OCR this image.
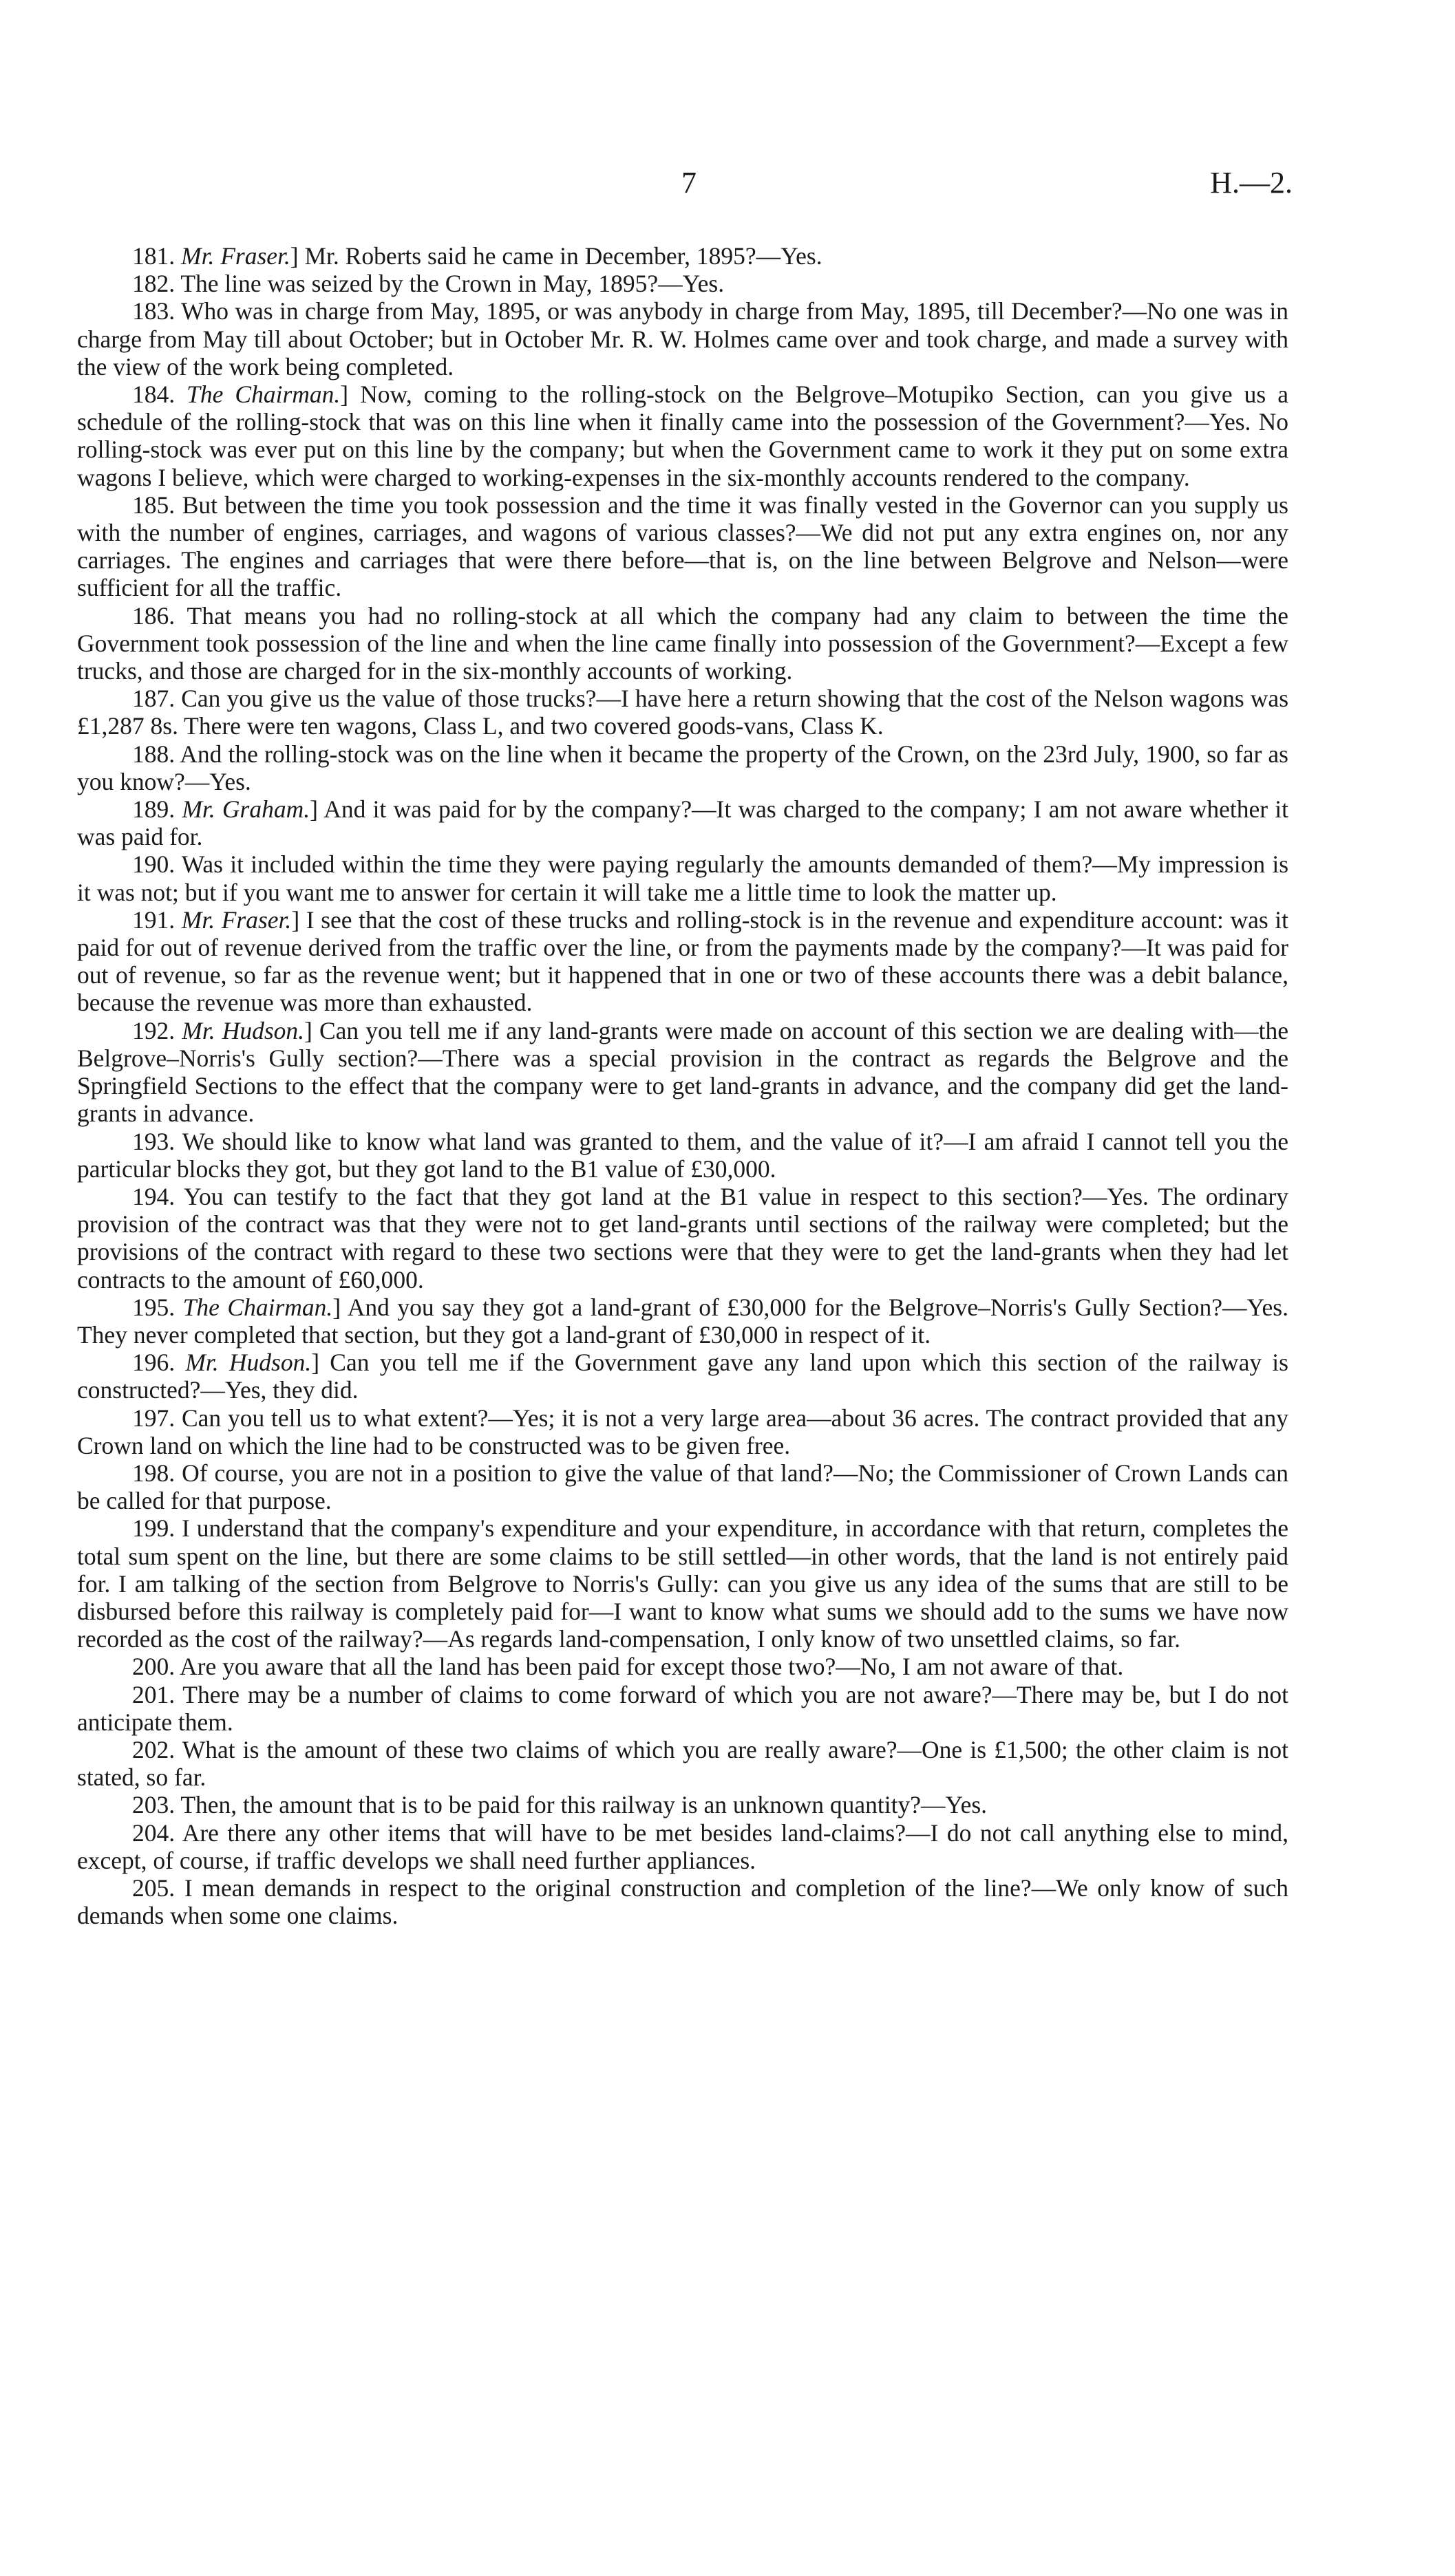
7	H.—2.

181. Mr. Fraser.] Mr. Roberts said he came in December, 1895?—Yes.

182. The line was seized by the Crown in May, 1895?—Yes.

183. Who was in charge from May, 1895, or was anybody in charge from May, 1895, till December?—No one was in charge from May till about October; but in October Mr. R. W. Holmes came over and took charge, and made a survey with the view of the work being completed.

184. The Chairman.] Now, coming to the rolling-stock on the Belgrove–Motupiko Section, can you give us a schedule of the rolling-stock that was on this line when it finally came into the possession of the Government?—Yes. No rolling-stock was ever put on this line by the company; but when the Government came to work it they put on some extra wagons I believe, which were charged to working-expenses in the six-monthly accounts rendered to the company.

185. But between the time you took possession and the time it was finally vested in the Governor can you supply us with the number of engines, carriages, and wagons of various classes?—We did not put any extra engines on, nor any carriages. The engines and carriages that were there before—that is, on the line between Belgrove and Nelson—were sufficient for all the traffic.

186. That means you had no rolling-stock at all which the company had any claim to between the time the Government took possession of the line and when the line came finally into possession of the Government?—Except a few trucks, and those are charged for in the six-monthly accounts of working.

187. Can you give us the value of those trucks?—I have here a return showing that the cost of the Nelson wagons was £1,287 8s. There were ten wagons, Class L, and two covered goods-vans, Class K.

188. And the rolling-stock was on the line when it became the property of the Crown, on the 23rd July, 1900, so far as you know?—Yes.

189. Mr. Graham.] And it was paid for by the company?—It was charged to the company; I am not aware whether it was paid for.

190. Was it included within the time they were paying regularly the amounts demanded of them?—My impression is it was not; but if you want me to answer for certain it will take me a little time to look the matter up.

191. Mr. Fraser.] I see that the cost of these trucks and rolling-stock is in the revenue and expenditure account: was it paid for out of revenue derived from the traffic over the line, or from the payments made by the company?—It was paid for out of revenue, so far as the revenue went; but it happened that in one or two of these accounts there was a debit balance, because the revenue was more than exhausted.

192. Mr. Hudson.] Can you tell me if any land-grants were made on account of this section we are dealing with—the Belgrove–Norris's Gully section?—There was a special provision in the contract as regards the Belgrove and the Springfield Sections to the effect that the company were to get land-grants in advance, and the company did get the land-grants in advance.

193. We should like to know what land was granted to them, and the value of it?—I am afraid I cannot tell you the particular blocks they got, but they got land to the B1 value of £30,000.

194. You can testify to the fact that they got land at the B1 value in respect to this section?—Yes. The ordinary provision of the contract was that they were not to get land-grants until sections of the railway were completed; but the provisions of the contract with regard to these two sections were that they were to get the land-grants when they had let contracts to the amount of £60,000.

195. The Chairman.] And you say they got a land-grant of £30,000 for the Belgrove–Norris's Gully Section?—Yes. They never completed that section, but they got a land-grant of £30,000 in respect of it.

196. Mr. Hudson.] Can you tell me if the Government gave any land upon which this section of the railway is constructed?—Yes, they did.

197. Can you tell us to what extent?—Yes; it is not a very large area—about 36 acres. The contract provided that any Crown land on which the line had to be constructed was to be given free.

198. Of course, you are not in a position to give the value of that land?—No; the Commissioner of Crown Lands can be called for that purpose.

199. I understand that the company's expenditure and your expenditure, in accordance with that return, completes the total sum spent on the line, but there are some claims to be still settled—in other words, that the land is not entirely paid for. I am talking of the section from Belgrove to Norris's Gully: can you give us any idea of the sums that are still to be disbursed before this railway is completely paid for—I want to know what sums we should add to the sums we have now recorded as the cost of the railway?—As regards land-compensation, I only know of two unsettled claims, so far.

200. Are you aware that all the land has been paid for except those two?—No, I am not aware of that.

201. There may be a number of claims to come forward of which you are not aware?—There may be, but I do not anticipate them.

202. What is the amount of these two claims of which you are really aware?—One is £1,500; the other claim is not stated, so far.

203. Then, the amount that is to be paid for this railway is an unknown quantity?—Yes.

204. Are there any other items that will have to be met besides land-claims?—I do not call anything else to mind, except, of course, if traffic develops we shall need further appliances.

205. I mean demands in respect to the original construction and completion of the line?—We only know of such demands when some one claims.
